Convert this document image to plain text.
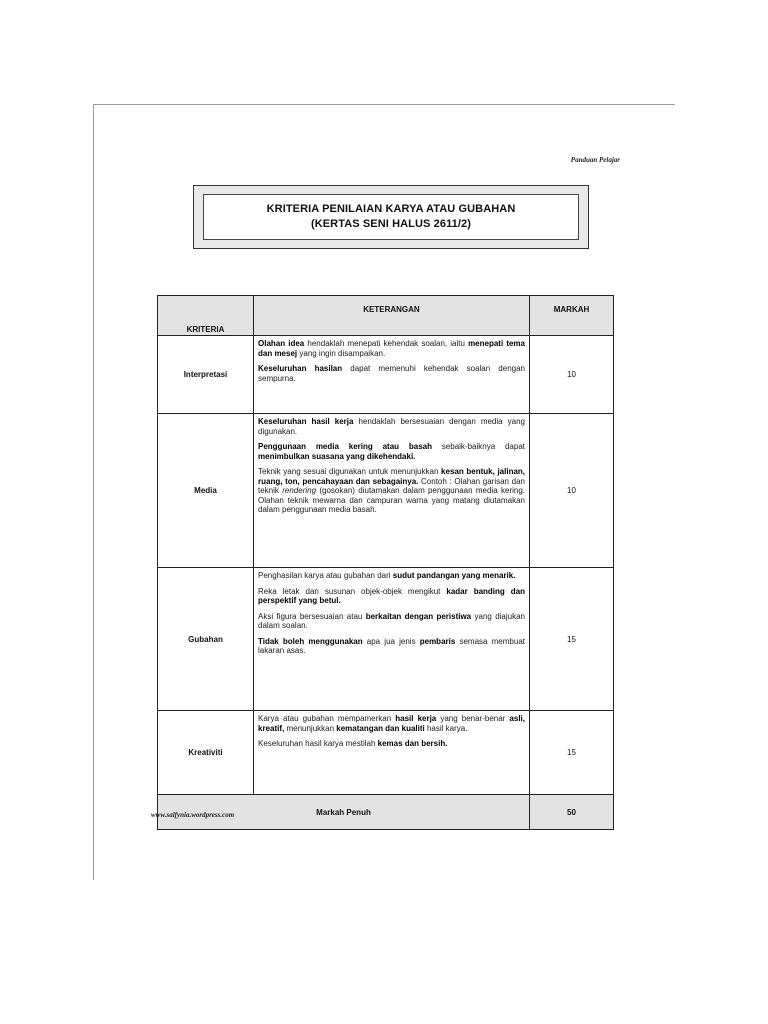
Panduan Pelajar
KRITERIA PENILAIAN KARYA ATAU GUBAHAN
(KERTAS SENI HALUS 2611/2)
KRITERIA	KETERANGAN	MARKAH
Interpretasi	Olahan idea hendaklah menepati kehendak soalan, iaitu menepati tema dan mesej yang ingin disampaikan.

Keseluruhan hasilan dapat memenuhi kehendak soalan dengan sempurna.	10
Media	Keseluruhan hasil kerja hendaklah bersesuaian dengan media yang digunakan.

Penggunaan media kering atau basah sebaik-baiknya dapat menimbulkan suasana yang dikehendaki.

Teknik yang sesuai digunakan untuk menunjukkan kesan bentuk, jalinan, ruang, ton, pencahayaan dan sebagainya. Contoh : Olahan garisan dan teknik rendering (gosokan) diutamakan dalam penggunaan media kering. Olahan teknik mewarna dan campuran warna yang matang diutamakan dalam penggunaan media basah.	10
Gubahan	Penghasilan karya atau gubahan dari sudut pandangan yang menarik.

Reka letak dan susunan objek-objek mengikut kadar banding dan perspektif yang betul.

Aksi figura bersesuaian atau berkaitan dengan peristiwa yang diajukan dalam soalan.

Tidak boleh menggunakan apa jua jenis pembaris semasa membuat lakaran asas.	15
Kreativiti	Karya atau gubahan mempamerkan hasil kerja yang benar-benar asli, kreatif, menunjukkan kematangan dan kualiti hasil karya.

Keseluruhan hasil karya mestilah kemas dan bersih.	15
Markah Penuh		50
www.salfynia.wordpress.com
